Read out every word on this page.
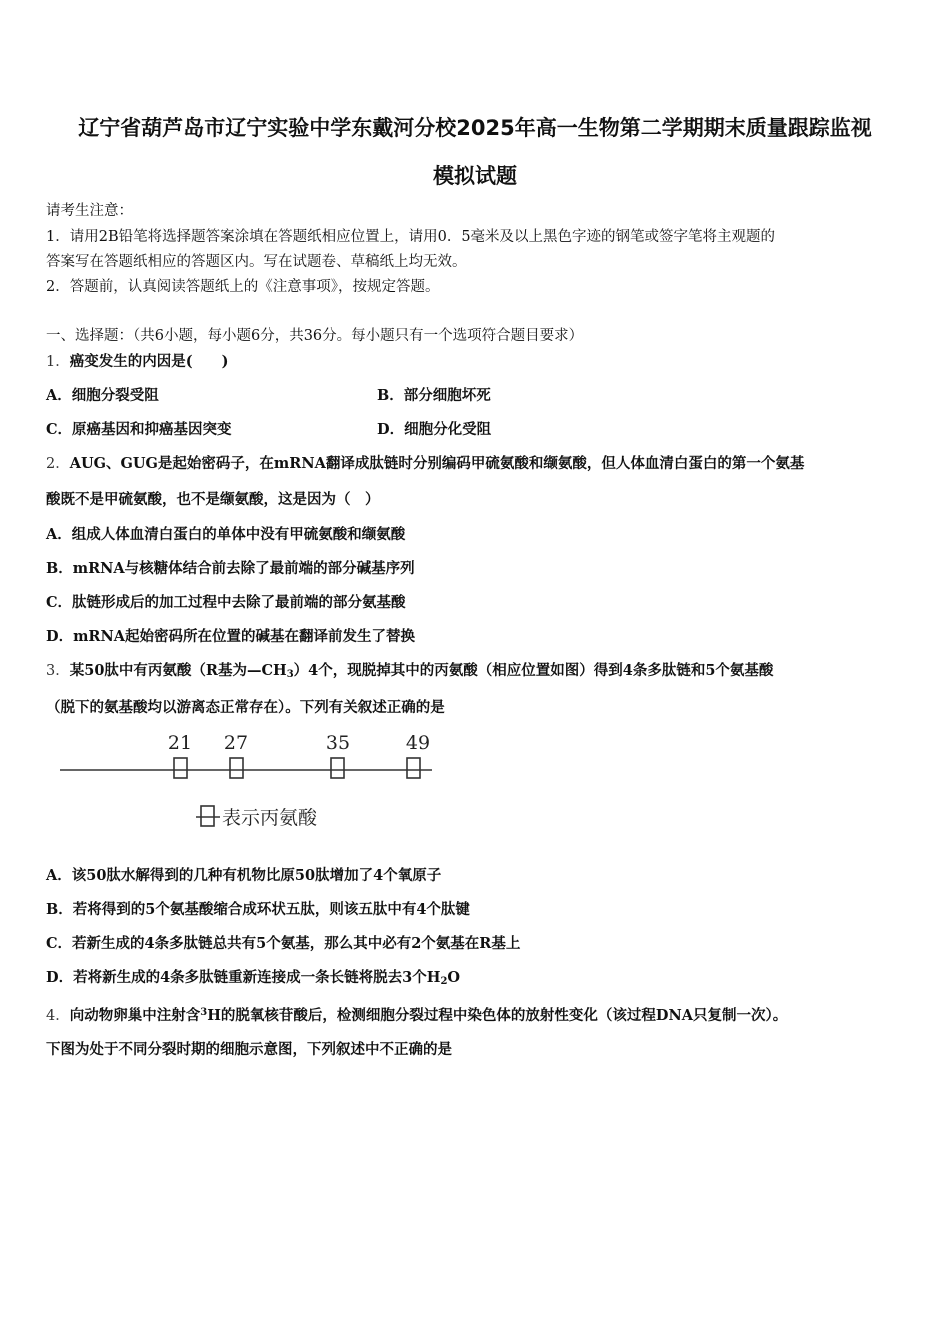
辽宁省葫芦岛市辽宁实验中学东戴河分校2025年高一生物第二学期期末质量跟踪监视
模拟试题
请考生注意：
1．请用2B铅笔将选择题答案涂填在答题纸相应位置上，请用0．5毫米及以上黑色字迹的钢笔或签字笔将主观题的
答案写在答题纸相应的答题区内。写在试题卷、草稿纸上均无效。
2．答题前，认真阅读答题纸上的《注意事项》，按规定答题。
一、选择题：（共6小题，每小题6分，共36分。每小题只有一个选项符合题目要求）
1．癌变发生的内因是(　　)
A．细胞分裂受阻	B．部分细胞坏死
C．原癌基因和抑癌基因突变	D．细胞分化受阻
2．AUG、GUG是起始密码子，在mRNA翻译成肽链时分别编码甲硫氨酸和缬氨酸，但人体血清白蛋白的第一个氨基
酸既不是甲硫氨酸，也不是缬氨酸，这是因为（　）
A．组成人体血清白蛋白的单体中没有甲硫氨酸和缬氨酸
B．mRNA与核糖体结合前去除了最前端的部分碱基序列
C．肽链形成后的加工过程中去除了最前端的部分氨基酸
D．mRNA起始密码所在位置的碱基在翻译前发生了替换
3．某50肽中有丙氨酸（R基为$—CH_3)4$个，现脱掉其中的丙氨酸（相应位置如图）得到4条多肽链和5个氨基酸
（脱下的氨基酸均以游离态正常存在）。下列有关叙述正确的是
21 27	35	49
表示丙氨酸
A．该50肽水解得到的几种有机物比原50肽增加了4个氧原子
B．若将得到的5个氨基酸缩合成环状五肽，则该五肽中有4个肽键
C．若新生成的4条多肽链总共有5个氨基，那么其中必有2个氨基在R基上
D．若将新生成的4条多肽链重新连接成一条长链将脱去3个$H_2O$
4．向动物卵巢中注射含$^3$H的脱氧核苷酸后，检测细胞分裂过程中染色体的放射性变化（该过程DNA只复制一次）。
下图为处于不同分裂时期的细胞示意图，下列叙述中不正确的是
